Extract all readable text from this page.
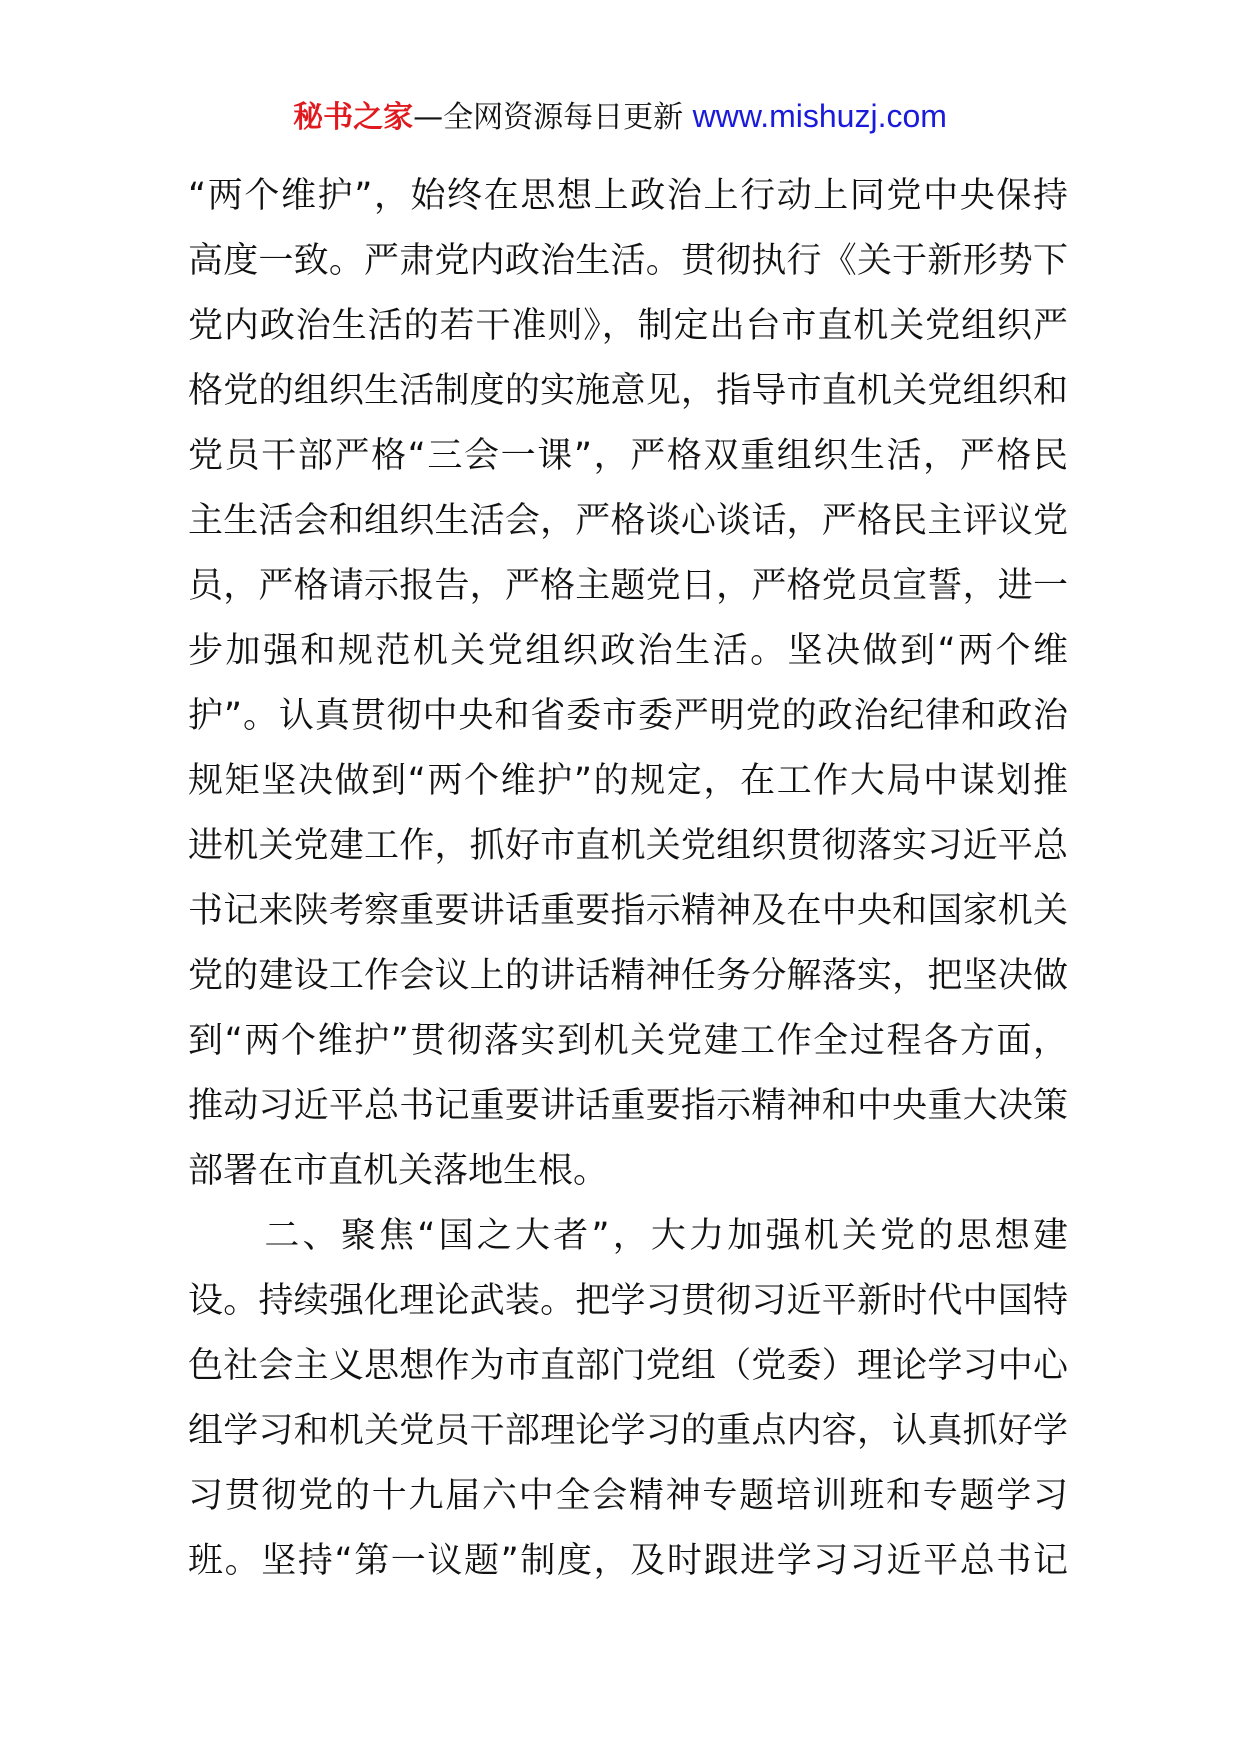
秘书之家—全网资源每日更新 www.mishuzj.com
“两个维护”，始终在思想上政治上行动上同党中央保持
高度一致。严肃党内政治生活。贯彻执行《关于新形势下
党内政治生活的若干准则》，制定出台市直机关党组织严
格党的组织生活制度的实施意见，指导市直机关党组织和
党员干部严格“三会一课”，严格双重组织生活，严格民
主生活会和组织生活会，严格谈心谈话，严格民主评议党
员，严格请示报告，严格主题党日，严格党员宣誓，进一
步加强和规范机关党组织政治生活。坚决做到“两个维
护”。认真贯彻中央和省委市委严明党的政治纪律和政治
规矩坚决做到“两个维护”的规定，在工作大局中谋划推
进机关党建工作，抓好市直机关党组织贯彻落实习近平总
书记来陕考察重要讲话重要指示精神及在中央和国家机关
党的建设工作会议上的讲话精神任务分解落实，把坚决做
到“两个维护”贯彻落实到机关党建工作全过程各方面，
推动习近平总书记重要讲话重要指示精神和中央重大决策
部署在市直机关落地生根。
　　二、聚焦“国之大者”，大力加强机关党的思想建
设。持续强化理论武装。把学习贯彻习近平新时代中国特
色社会主义思想作为市直部门党组（党委）理论学习中心
组学习和机关党员干部理论学习的重点内容，认真抓好学
习贯彻党的十九届六中全会精神专题培训班和专题学习
班。坚持“第一议题”制度，及时跟进学习习近平总书记
